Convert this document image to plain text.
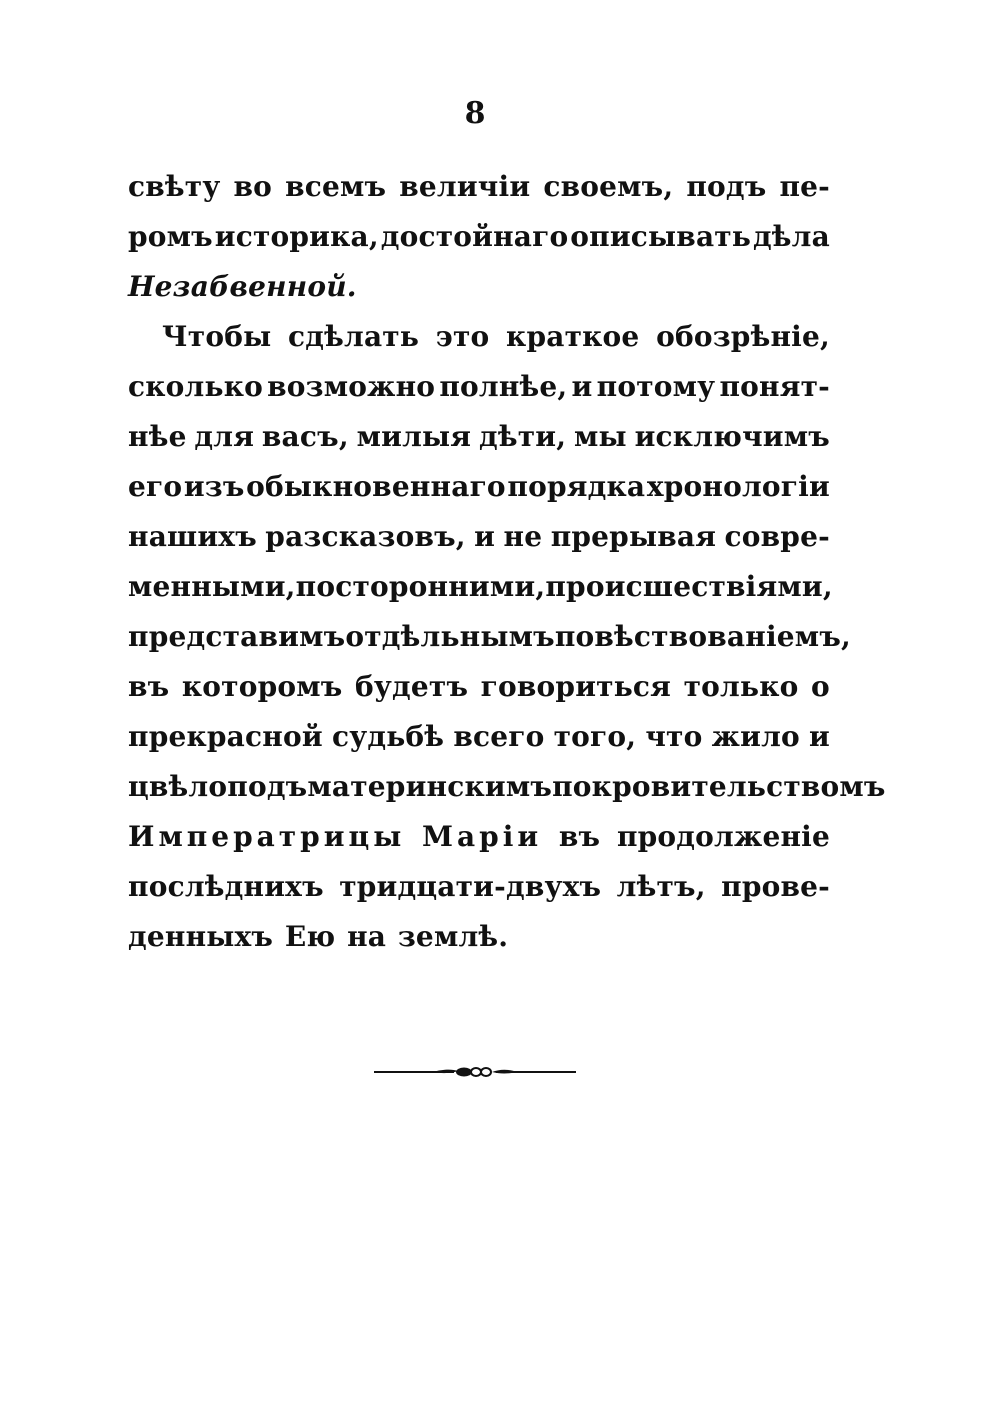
8
свѣту во всемъ величіи своемъ, подъ пе-
ромъ историка, достойнаго описывать дѣла
Незабвенной.
Чтобы сдѣлать это краткое обозрѣніе,
сколько возможно полнѣе, и потому понят-
нѣе для васъ, милыя дѣти, мы исключимъ
его изъ обыкновеннаго порядка хронологіи
нашихъ разсказовъ, и не прерывая совре-
менными, посторонними, происшествіями,
представимъ отдѣльнымъ повѣствованіемъ,
въ которомъ будетъ говориться только о
прекрасной судьбѣ всего того, что жило и
цвѣло подъ материнскимъ покровительствомъ
Императрицы Маріи въ продолженіе
послѣднихъ тридцати-двухъ лѣтъ, прове-
денныхъ Ею на землѣ.
